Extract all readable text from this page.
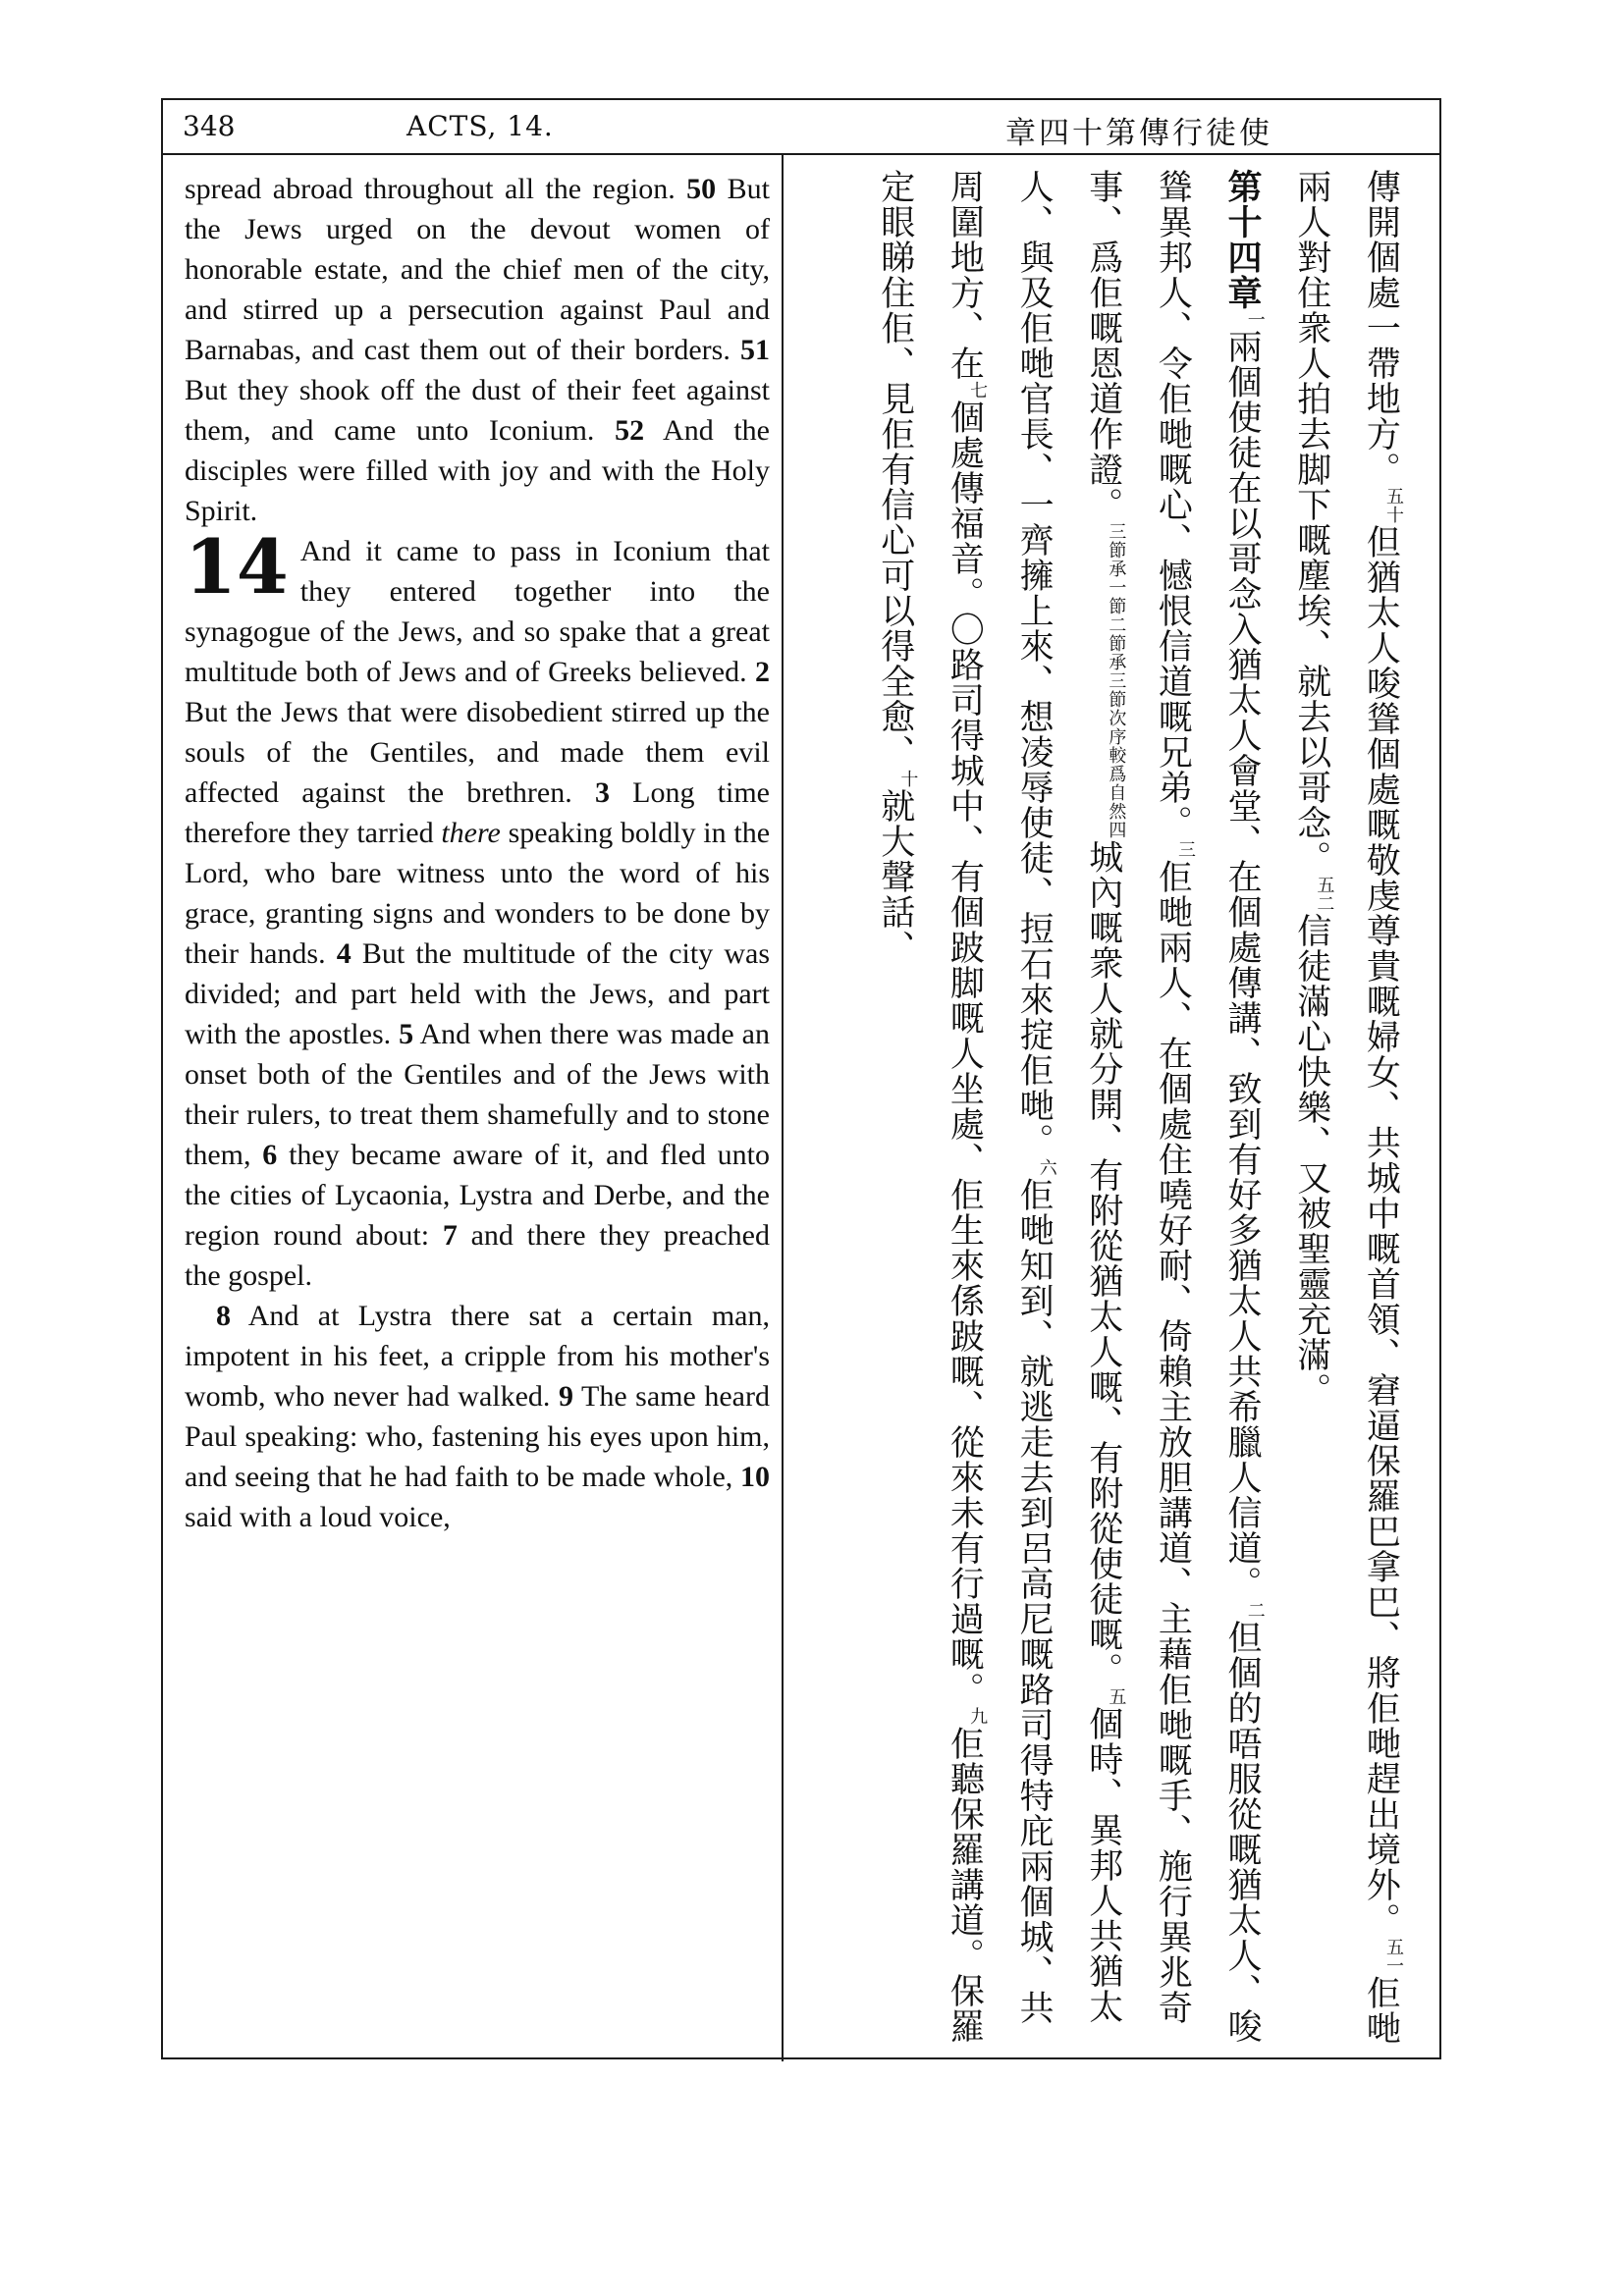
348	ACTS, 14.	章四十第傳行徒使

spread abroad throughout all the region. 50 But the Jews urged on the devout women of honorable estate, and the chief men of the city, and stirred up a persecution against Paul and Barnabas, and cast them out of their borders. 51 But they shook off the dust of their feet against them, and came unto Iconium. 52 And the disciples were filled with joy and with the Holy Spirit.

14 And it came to pass in Iconium that they entered together into the synagogue of the Jews, and so spake that a great multitude both of Jews and of Greeks believed. 2 But the Jews that were disobedient stirred up the souls of the Gentiles, and made them evil affected against the brethren. 3 Long time therefore they tarried there speaking boldly in the Lord, who bare witness unto the word of his grace, granting signs and wonders to be done by their hands. 4 But the multitude of the city was divided; and part held with the Jews, and part with the apostles. 5 And when there was made an onset both of the Gentiles and of the Jews with their rulers, to treat them shamefully and to stone them, 6 they became aware of it, and fled unto the cities of Lycaonia, Lystra and Derbe, and the region round about: 7 and there they preached the gospel.

8 And at Lystra there sat a certain man, impotent in his feet, a cripple from his mother's womb, who never had walked. 9 The same heard Paul speaking: who, fastening his eyes upon him, and seeing that he had faith to be made whole, 10 said with a loud voice,

傳開個處一帶地方。$^{五十}$但猶太人唆聳個處嘅敬虔尊貴嘅婦女、共城中嘅首領、窘逼保羅巴拿巴、將佢哋趕出境外。$^{五一}$佢哋兩人對住衆人拍去脚下嘅塵埃、就去以哥念。$^{五二}$信徒滿心快樂、又被聖靈充滿。

第十四章$^一$兩個使徒在以哥念入猶太人會堂、在個處傳講、致到有好多猶太人共希臘人信道。$^二$但個的唔服從嘅猶太人、唆聳異邦人、令佢哋嘅心、憾恨信道嘅兄弟。$^三$佢哋兩人、在個處住嘵好耐、倚賴主放胆講道、主藉佢哋嘅手、施行異兆奇事、爲佢嘅恩道作證。$^{三節承一節二節承三節次序較爲自然四}$城內嘅衆人就分開、有附從猶太人嘅、有附從使徒嘅。$^五$個時、異邦人共猶太人、與及佢哋官長、一齊擁上來、想凌辱使徒、𢭃石來掟佢哋。$^六$佢哋知到、就逃走去到呂高尼嘅路司得特庇兩個城、共周圍地方、在$^七$個處傳福音。〇路司得城中、有個跛脚嘅人坐處、佢生來係跛嘅、從來未有行過嘅。$^九$佢聽保羅講道。保羅定眼睇住佢、見佢有信心可以得全愈、$^十$就大聲話、
